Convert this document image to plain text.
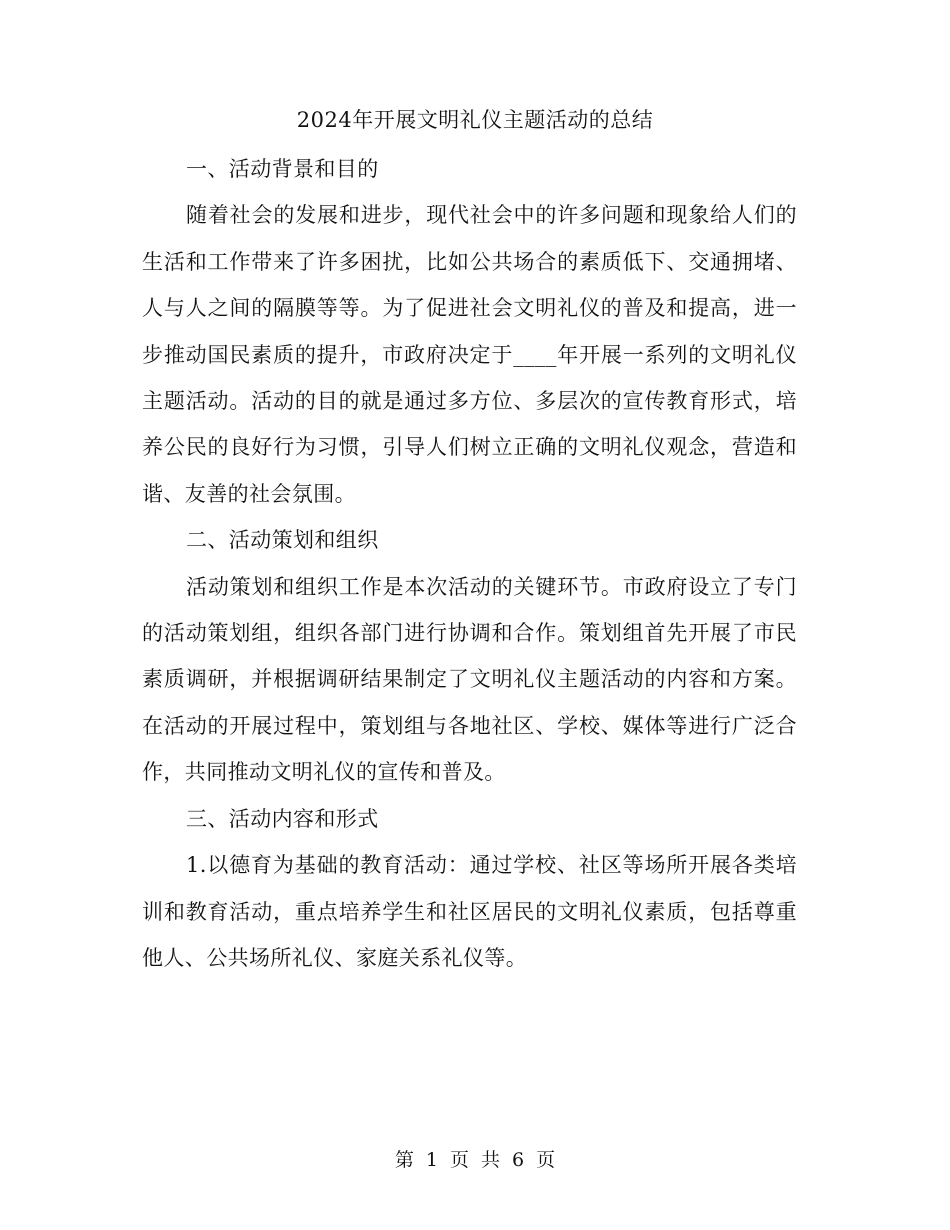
2024年开展文明礼仪主题活动的总结

一、活动背景和目的

随着社会的发展和进步，现代社会中的许多问题和现象给人们的生活和工作带来了许多困扰，比如公共场合的素质低下、交通拥堵、人与人之间的隔膜等等。为了促进社会文明礼仪的普及和提高，进一步推动国民素质的提升，市政府决定于____年开展一系列的文明礼仪主题活动。活动的目的就是通过多方位、多层次的宣传教育形式，培养公民的良好行为习惯，引导人们树立正确的文明礼仪观念，营造和谐、友善的社会氛围。

二、活动策划和组织

活动策划和组织工作是本次活动的关键环节。市政府设立了专门的活动策划组，组织各部门进行协调和合作。策划组首先开展了市民素质调研，并根据调研结果制定了文明礼仪主题活动的内容和方案。在活动的开展过程中，策划组与各地社区、学校、媒体等进行广泛合作，共同推动文明礼仪的宣传和普及。

三、活动内容和形式

1.以德育为基础的教育活动：通过学校、社区等场所开展各类培训和教育活动，重点培养学生和社区居民的文明礼仪素质，包括尊重他人、公共场所礼仪、家庭关系礼仪等。

第 1 页 共 6 页
